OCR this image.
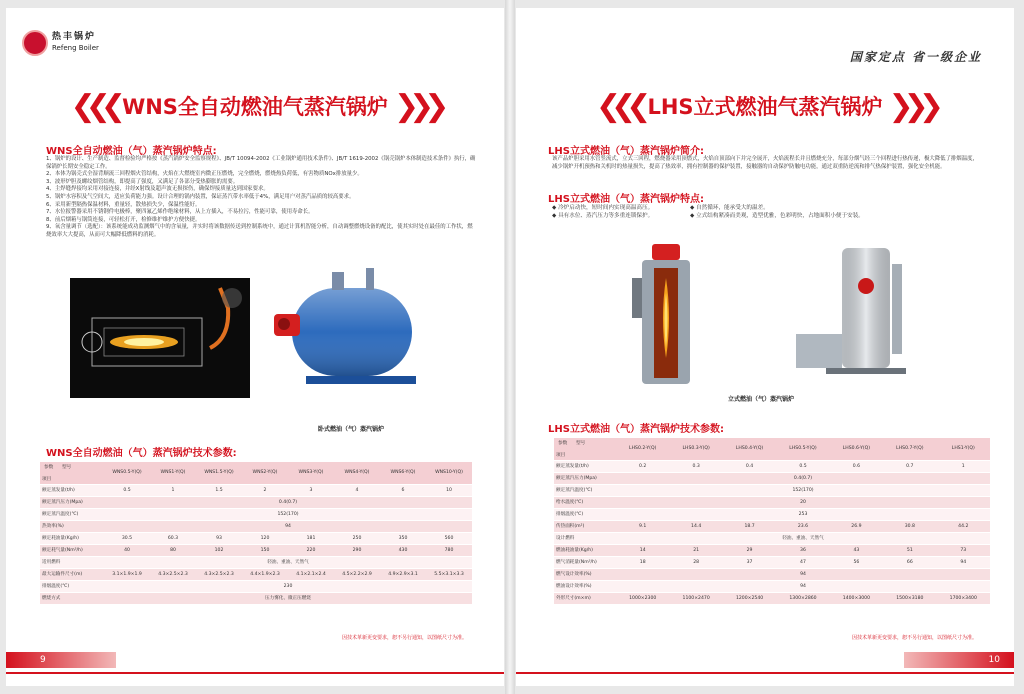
热丰锅炉
Refeng Boiler
❮❮❮ WNS全自动燃油气蒸汽锅炉 ❯❯❯
WNS全自动燃油（气）蒸汽锅炉特点:
1、锅炉的设计、生产制造、监督检验均严格按《蒸汽锅炉安全监察规程》、JB/T 10094-2002《工业锅炉通用技术条件》、JB/T 1619-2002《锅壳锅炉本体制造技术条件》执行，确保锅炉长期安全稳定工作。
2、本体为锅壳式全湿背顺流三回程烟火管结构，火焰在大燃烧室内微正压燃烧，完全燃烧，燃烧热负荷低，有害物质NOx排放量少。
3、波形炉胆及螺纹烟管结构，即提高了强度，又满足了各部分受热膨胀的需要。
4、主焊缝焊接均采用对接连接，并经X射线及超声波无损探伤，确保焊接质量达到国家要求。
5、锅炉水容积及气空间大，适应负荷能力强。设计合理的锅内装置，保证蒸汽带水率低于4%，满足用户对蒸汽品质的较高要求。
6、采用新型隔热保温材料，重量轻，散热损失少，保温性能好。
7、水位报警器采用不锈钢件电极棒，聚四氟乙烯作绝缘材料，从上方插入，不易拉污，性能可靠，使用寿命长。
8、前后烟箱与锅筒连接，可轻松打开，检修维护维护方便快捷。
9、氧含量调节（选配）：该系统能成功监测烟气中的含氧量，并实时将该数据传送到控制系统中，通过计算机智能分析，自动调整燃烧设备的配比，使其实时处在最佳的工作状，燃烧效率大大提高，从而可大幅降低燃料的消耗。
卧式燃油（气）蒸汽锅炉
WNS全自动燃油（气）蒸汽锅炉技术参数:
参数 型号
项目	WNS0.5-Y(Q)	WNS1-Y(Q)	WNS1.5-Y(Q)	WNS2-Y(Q)	WNS3-Y(Q)	WNS4-Y(Q)	WNS6-Y(Q)	WNS10-Y(Q)
额定蒸发量(t/h)	0.5	1	1.5	2	3	4	6	10
额定蒸汽压力(Mpa)	0.4(0.7)							
额定蒸汽温度(℃)	152(170)							
热效率(%)	94							
额定耗油量(Kg/h)	30.5	60.3	93	120	181	250	350	560
额定耗气量(Nm³/h)	40	80	102	150	220	290	430	780
适用燃料	轻油、重油、天然气							
最大运输件尺寸(m)	3.1×1.9×1.9	4.3×2.5×2.3	4.3×2.5×2.3	4.4×1.9×2.3	4.1×2.1×2.4	4.5×2.2×2.9	4.9×2.9×3.1	5.5×3.1×3.3
排烟温度(℃)	230							
燃烧方式	压力雾化、微正压燃烧							
因技术革新更变要求，恕不另行通知，以图纸尺寸为准。
9
国家定点 省一级企业
❮❮❮ LHS立式燃油气蒸汽锅炉 ❯❯❯
LHS立式燃油（气）蒸汽锅炉简介:
该产品炉胆采用水管竖流式，立式三回程，燃烧器采用顶燃式，火焰自顶部向下并完全展开，火焰流程长并且燃烧充分，每部分烟气经三个回程进行热传递，极大降低了排烟温度，减少锅炉开机预热和关机时的热量损失，提高了热效率，拥有控制器的保护装置，接触器的自动保护防触电功能，通过双重防逆流和排气热保护装置，强化安全机能。
LHS立式燃油（气）蒸汽锅炉特点:
◆ 冷炉启动快，短时间内实现高温高压。	◆ 自然循环，能承受大的温差。
◆ 具有水位、蒸汽压力等多重连锁保护。	◆ 立式结构紧凑而美观，造型优雅，色彩明快，占地面积小便于安装。
立式燃油（气）蒸汽锅炉
LHS立式燃油（气）蒸汽锅炉技术参数:
参数 型号
项目	LHS0.2-Y(Q)	LHS0.3-Y(Q)	LHS0.4-Y(Q)	LHS0.5-Y(Q)	LHS0.6-Y(Q)	LHS0.7-Y(Q)	LHS1-Y(Q)
额定蒸发量(t/h)	0.2	0.3	0.4	0.5	0.6	0.7	1
额定蒸汽压力(Mpa)	0.4(0.7)						
额定蒸汽温度(℃)	152(170)						
给水温度(℃)	20						
排烟温度(℃)	253						
传热面积(m²)	9.1	14.4	18.7	23.6	26.9	30.8	44.2
设计燃料	轻油、重油、天然气						
燃油耗油量(Kg/h)	14	21	29	36	43	51	73
燃气消耗量(Nm³/h)	18	28	37	47	56	66	94
燃气设计效率(%)	94						
燃油设计效率(%)	94						
外形尺寸(m×m)	1000×2300	1100×2470	1200×2540	1300×2860	1400×3000	1500×3180	1700×3400
因技术革新更变要求，恕不另行通知，以图纸尺寸为准。
10
